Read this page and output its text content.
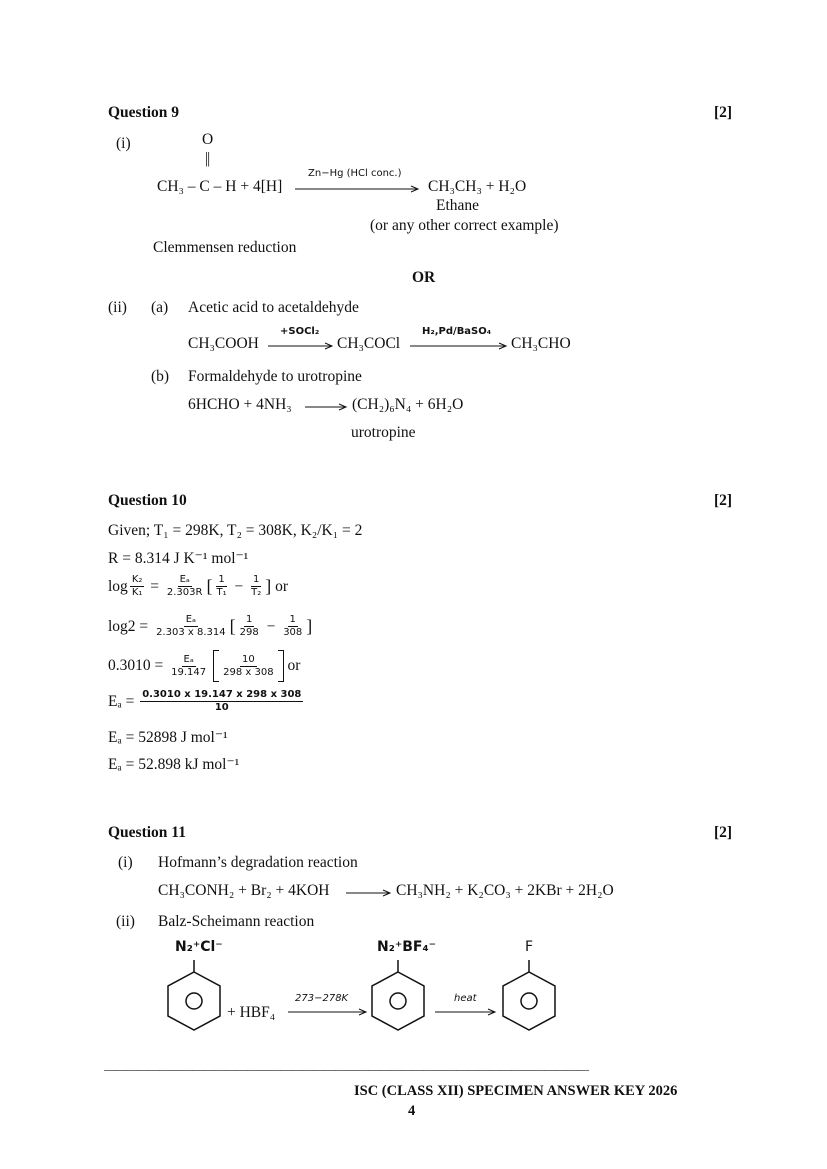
Question 9	[2]
(i)	O
||
CH₃ – C – H + 4[H]
Zn−Hg (HCl conc.)
CH₃CH₃ + H₂O
Ethane
(or any other correct example)
Clemmensen reduction
OR
(ii) (a) Acetic acid to acetaldehyde
CH₃COOH
+SOCl₂
CH₃COCl
H₂,Pd/BaSO₄
CH₃CHO
(b) Formaldehyde to urotropine
6HCHO + 4NH₃	(CH₂)₆N₄ + 6H₂O
urotropine
Question 10	[2]
Given; T₁ = 298K, T₂ = 308K, K₂/K₁ = 2
R = 8.314 J K⁻¹ mol⁻¹
$\log \frac{\text{K₂}}{\text{K₁}} = \frac{\text{Eₐ}}{2.303R}$ [ $\frac{1}{\text{T₁}} - \frac{1}{\text{T₂}}$ ] or
$\log 2 = \frac{\text{Eₐ}}{2.303 x 8.314}$ [ $\frac{1}{298} - \frac{1}{308}$ ]
$0.3010 = \frac{\text{Eₐ}}{19.147} \frac{10}{298 x 308}$ or
$E_a = \frac{0.3010 x 19.147 x 298 x 308}{10}$
Eₐ = 52898 J mol⁻¹
Eₐ = 52.898 kJ mol⁻¹
Question 11	[2]
(i) Hofmann’s degradation reaction
CH₃CONH₂ + Br₂ + 4KOH	CH₃NH₂ + K₂CO₃ + 2KBr + 2H₂O
(ii) Balz-Scheimann reaction
N₂⁺Cl⁻
+ HBF₄
273−278K
N₂⁺BF₄⁻
heat
F
————————————————————————————————————————————
ISC (CLASS XII) SPECIMEN ANSWER KEY 2026
4
